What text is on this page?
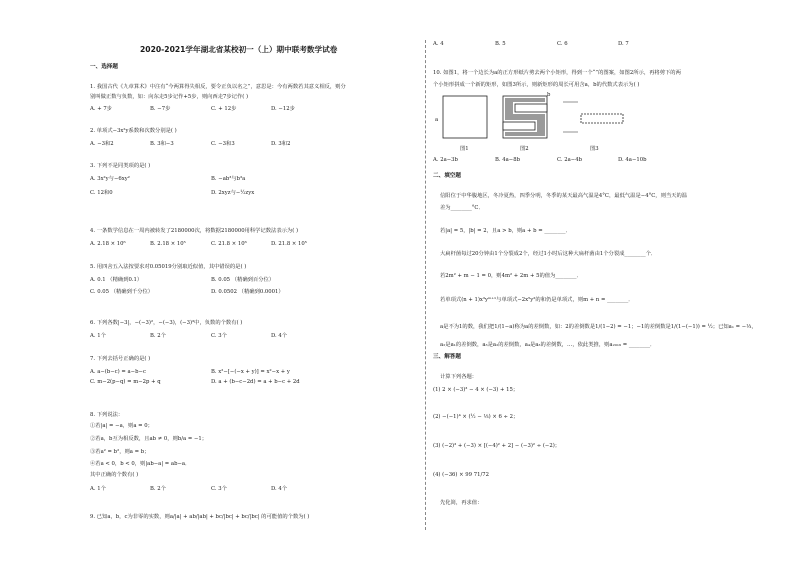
2020-2021学年湖北省某校初一（上）期中联考数学试卷
一、选择题
1. 我国古代《九章算术》中注有“今两算得失相反，要令正负以名之”，意思是：今有两数若其意义相反，则分
别叫做正数与负数，如：向东走5步记作+5步，则向西走7步记作( )
A. + 7步	B. −7步	C. + 12步	D. −12步
2. 单项式−3x²y系数和次数分别是( )
A. −3和2	B. 3和−3	C. −3和3	D. 3和2
3. 下列不是同类项的是( )
A. 3x²y与−6xy²	B. −ab³与b³a
C. 12和0	D. 2xyz与−½zyx
4. 一条数学信息在一周内被转发了2180000次，将数据2180000用科学记数法表示为( )
A. 2.18 × 10⁶	B. 2.18 × 10⁵	C. 21.8 × 10⁶	D. 21.8 × 10⁵
5. 用四舍五入法按要求对0.05019分别取近似值，其中错误的是( )
A. 0.1 （精确到0.1）	B. 0.05 （精确到百分位）
C. 0.05 （精确到千分位）	D. 0.0502 （精确到0.0001）
6. 下列各数|−3|，−(−3)²，−(−3)，(−3)³中，负数的个数有( )
A. 1个	B. 2个	C. 3个	D. 4个
7. 下列去括号正确的是( )
A. a−(b−c) = a−b−c	B. x²−[−(−x + y)] = x²−x + y
C. m−2(p−q) = m−2p + q	D. a + (b−c−2d) = a + b−c + 2d
8. 下列说法：
①若|a| = −a，则a = 0；
②若a，b互为相反数，且ab ≠ 0，则b/a = −1；
③若a² = b²，则a = b；
④若a < 0，b < 0，则|ab−a| = ab−a．
其中正确的个数有( )
A. 1个	B. 2个	C. 3个	D. 4个
9. 已知a，b，c为非零的实数，则a/|a| + ab/|ab| + bc/|bc| + bc/|bc| 的可能值的个数为( )
A. 4	B. 5	C. 6	D. 7
10. 如图1，将一个边长为a的正方形纸片剪去两个小矩形，得到一个“”的图案，如图2所示，再将剪下的两
个小矩形拼成一个新的矩形，如图3所示，则新矩形的周长可用含a，b的代数式表示为( )
a
b
图1	图2	图3
A. 2a−3b	B. 4a−8b	C. 2a−4b	D. 4a−10b
二、填空题
信阳位于中华腹地区，冬冷夏热，四季分明，冬季的某天最高气温是4°C，最低气温是−4°C，则当天的温
差为________°C．
若|a| = 5，|b| = 2，且a > b，则a + b = ________．
大扁杆菌每过20分钟由1个分裂成2个，经过1小时后这种大扁杆菌由1个分裂成________个．
若2m² + m − 1 = 0，则4m² + 2m + 5的值为________．
若单项式(n + 1)x³yᵐ⁺¹与单项式−2x⁵y²的和仍是单项式，则m + n = ________．
a是不为1的数，我们把1/(1−a)称为a的差倒数，如：2的差倒数是1/(1−2) = −1；−1的差倒数是1/(1−(−1)) = ½；已知a₁ = −⅓，
a₂是a₁的差倒数，a₃是a₂的差倒数，a₄是a₃的差倒数，…，依此类推，则a₂₀₁₉ = ________．
三、解答题
计算下列各题：
(1) 2 × (−3)³ − 4 × (−3) + 15；
(2) −(−1)⁴ × (½ − ⅓) × 6 ÷ 2；
(3) (−2)³ + (−3) × [(−4)² + 2] − (−3)² ÷ (−2)；
(4) (−36) × 99 71/72
先化简，再求值：
